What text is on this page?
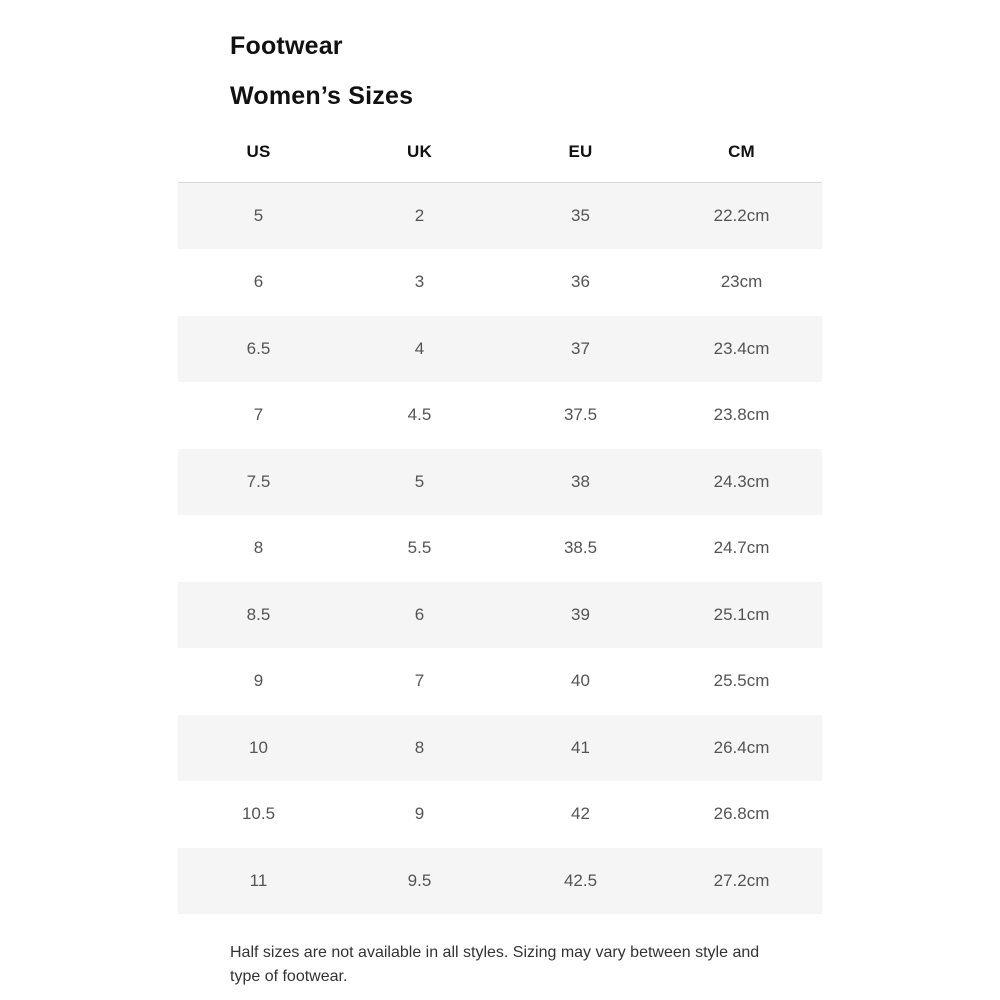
Footwear
Women’s Sizes
US	UK	EU	CM
5	2	35	22.2cm
6	3	36	23cm
6.5	4	37	23.4cm
7	4.5	37.5	23.8cm
7.5	5	38	24.3cm
8	5.5	38.5	24.7cm
8.5	6	39	25.1cm
9	7	40	25.5cm
10	8	41	26.4cm
10.5	9	42	26.8cm
11	9.5	42.5	27.2cm

Half sizes are not available in all styles. Sizing may vary between style and type of footwear.
